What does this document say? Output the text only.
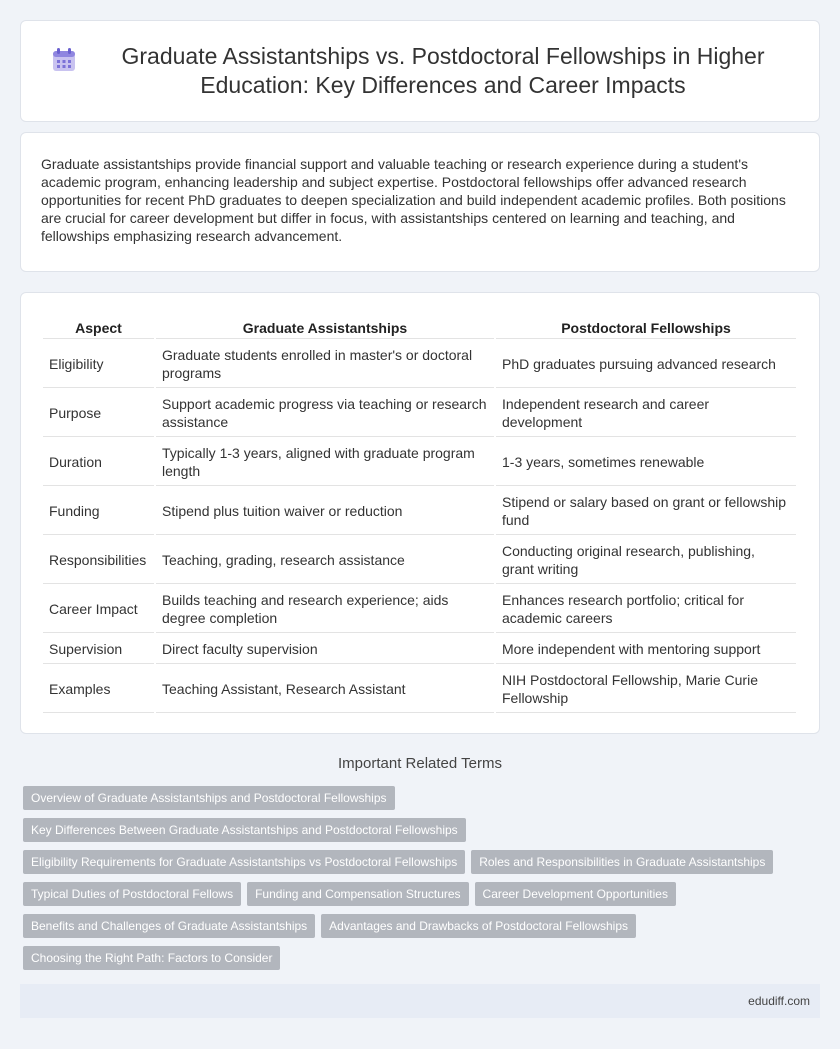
Graduate Assistantships vs. Postdoctoral Fellowships in Higher Education: Key Differences and Career Impacts

Graduate assistantships provide financial support and valuable teaching or research experience during a student's academic program, enhancing leadership and subject expertise. Postdoctoral fellowships offer advanced research opportunities for recent PhD graduates to deepen specialization and build independent academic profiles. Both positions are crucial for career development but differ in focus, with assistantships centered on learning and teaching, and fellowships emphasizing research advancement.

Aspect	Graduate Assistantships	Postdoctoral Fellowships
Eligibility	Graduate students enrolled in master's or doctoral programs	PhD graduates pursuing advanced research
Purpose	Support academic progress via teaching or research assistance	Independent research and career development
Duration	Typically 1-3 years, aligned with graduate program length	1-3 years, sometimes renewable
Funding	Stipend plus tuition waiver or reduction	Stipend or salary based on grant or fellowship fund
Responsibilities	Teaching, grading, research assistance	Conducting original research, publishing, grant writing
Career Impact	Builds teaching and research experience; aids degree completion	Enhances research portfolio; critical for academic careers
Supervision	Direct faculty supervision	More independent with mentoring support
Examples	Teaching Assistant, Research Assistant	NIH Postdoctoral Fellowship, Marie Curie Fellowship
Important Related Terms
Overview of Graduate Assistantships and Postdoctoral Fellowships
Key Differences Between Graduate Assistantships and Postdoctoral Fellowships
Eligibility Requirements for Graduate Assistantships vs Postdoctoral Fellowships Roles and Responsibilities in Graduate Assistantships
Typical Duties of Postdoctoral Fellows Funding and Compensation Structures Career Development Opportunities
Benefits and Challenges of Graduate Assistantships Advantages and Drawbacks of Postdoctoral Fellowships
Choosing the Right Path: Factors to Consider
edudiff.com
